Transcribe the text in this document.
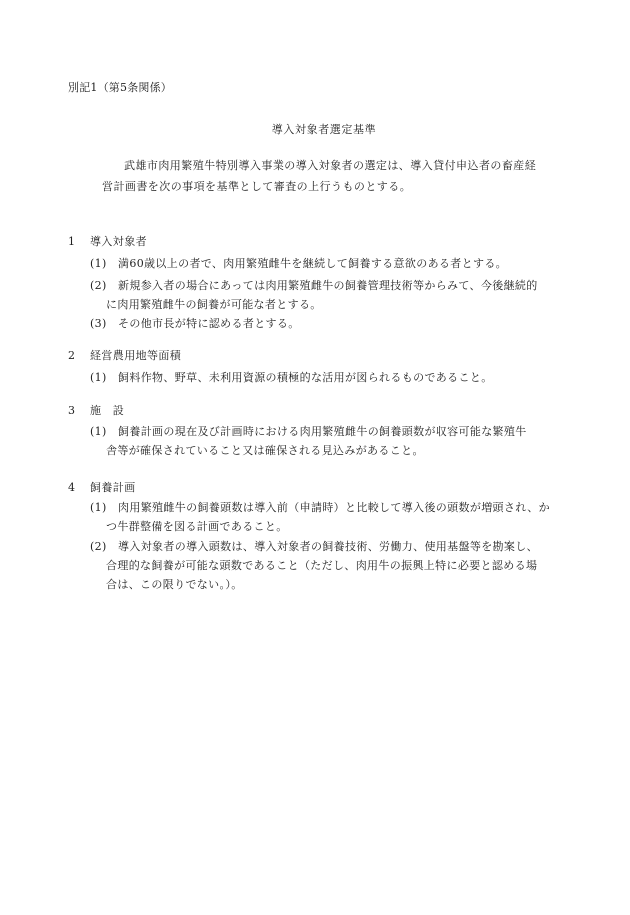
別記1（第5条関係）
導入対象者選定基準
武雄市肉用繁殖牛特別導入事業の導入対象者の選定は、導入貸付申込者の畜産経
営計画書を次の事項を基準として審査の上行うものとする。
1 導入対象者
(1) 満60歳以上の者で、肉用繁殖雌牛を継続して飼養する意欲のある者とする。
(2) 新規参入者の場合にあっては肉用繁殖雌牛の飼養管理技術等からみて、今後継続的
に肉用繁殖雌牛の飼養が可能な者とする。
(3) その他市長が特に認める者とする。
2 経営農用地等面積
(1) 飼料作物、野草、未利用資源の積極的な活用が図られるものであること。
3 施　設
(1) 飼養計画の現在及び計画時における肉用繁殖雌牛の飼養頭数が収容可能な繁殖牛
舎等が確保されていること又は確保される見込みがあること。
4 飼養計画
(1) 肉用繁殖雌牛の飼養頭数は導入前（申請時）と比較して導入後の頭数が増頭され、か
つ牛群整備を図る計画であること。
(2) 導入対象者の導入頭数は、導入対象者の飼養技術、労働力、使用基盤等を勘案し、
合理的な飼養が可能な頭数であること（ただし、肉用牛の振興上特に必要と認める場
合は、この限りでない。）。
